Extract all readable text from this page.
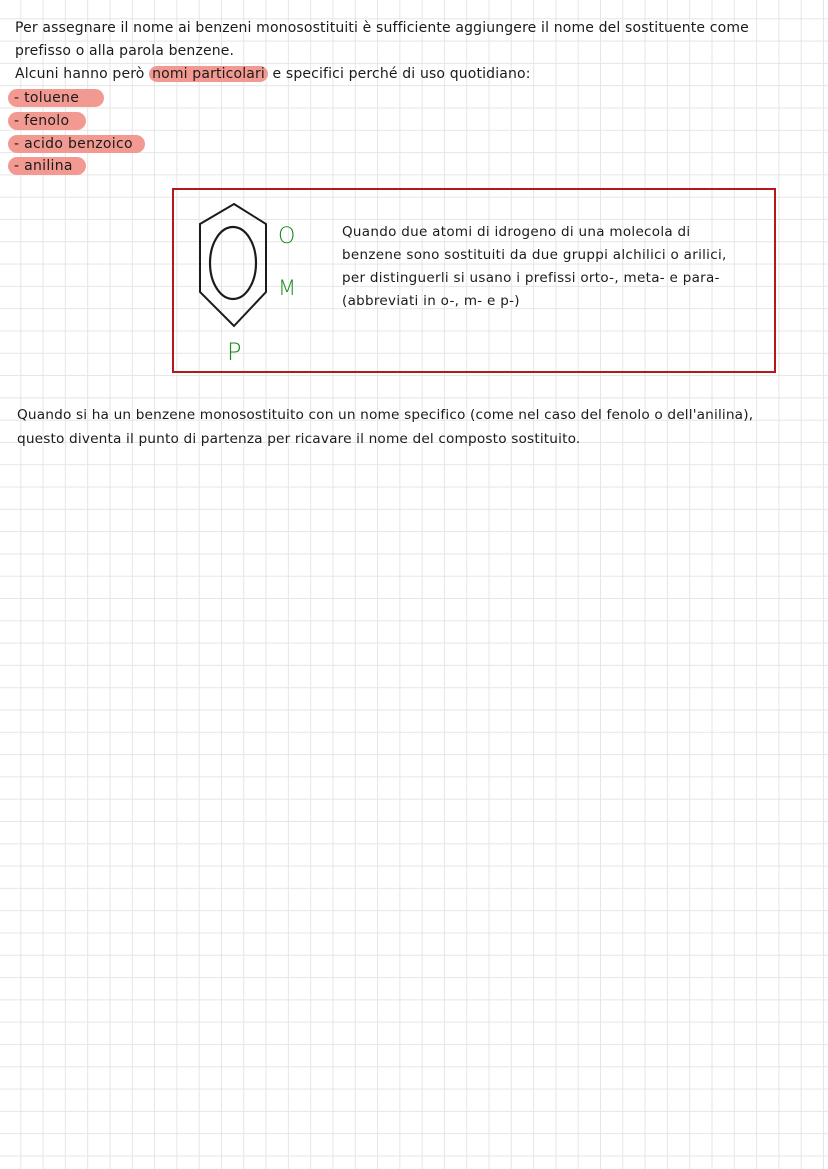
Per assegnare il nome ai benzeni monosostituiti è sufficiente aggiungere il nome del sostituente come
prefisso o alla parola benzene.
Alcuni hanno però nomi particolari e specifici perché di uso quotidiano:
- toluene
- fenolo
- acido benzoico
- anilina
O
M
P
Quando due atomi di idrogeno di una molecola di
benzene sono sostituiti da due gruppi alchilici o arilici,
per distinguerli si usano i prefissi orto-, meta- e para-
(abbreviati in o-, m- e p-)
Quando si ha un benzene monosostituito con un nome specifico (come nel caso del fenolo o dell'anilina),
questo diventa il punto di partenza per ricavare il nome del composto sostituito.
